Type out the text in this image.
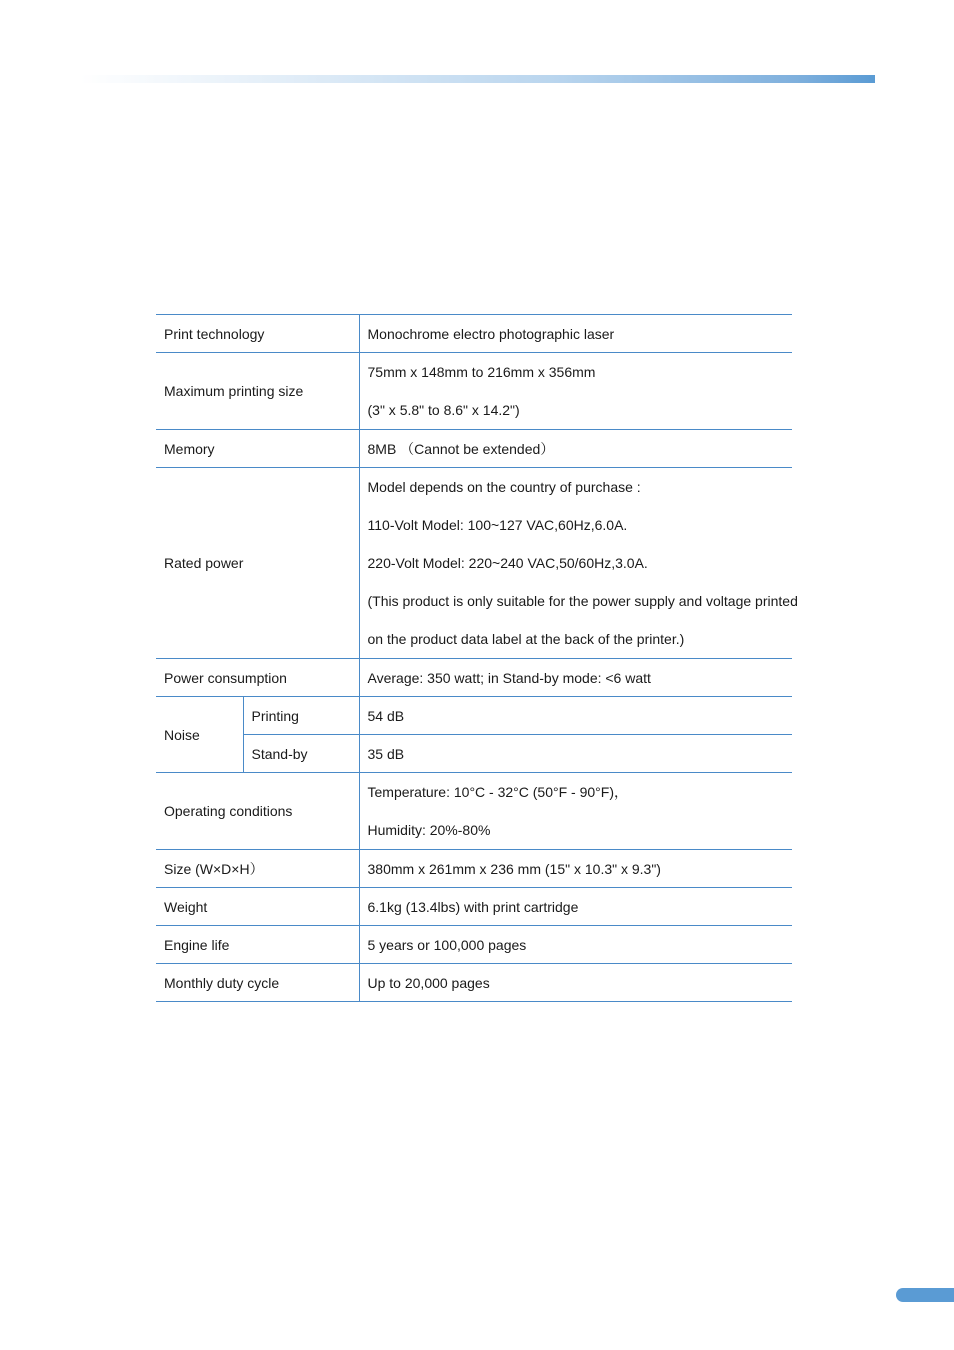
Print technology		Monochrome electro photographic laser
Maximum printing size		75mm x 148mm to 216mm x 356mm
(3" x 5.8" to 8.6" x 14.2")

Memory		8MB （Cannot be extended）
Rated power		Model depends on the country of purchase :
110-Volt Model: 100~127 VAC,60Hz,6.0A.
220-Volt Model: 220~240 VAC,50/60Hz,3.0A.
(This product is only suitable for the power supply and voltage printed
on the product data label at the back of the printer.)

Power consumption		Average: 350 watt; in Stand-by mode: <6 watt
Noise	Printing	54 dB
	Stand-by	35 dB
Operating conditions		Temperature: 10°C - 32°C (50°F - 90°F)，
Humidity: 20%-80%

Size (W×D×H）		380mm x 261mm x 236 mm (15" x 10.3" x 9.3")
Weight		6.1kg (13.4lbs) with print cartridge
Engine life		5 years or 100,000 pages
Monthly duty cycle		Up to 20,000 pages
